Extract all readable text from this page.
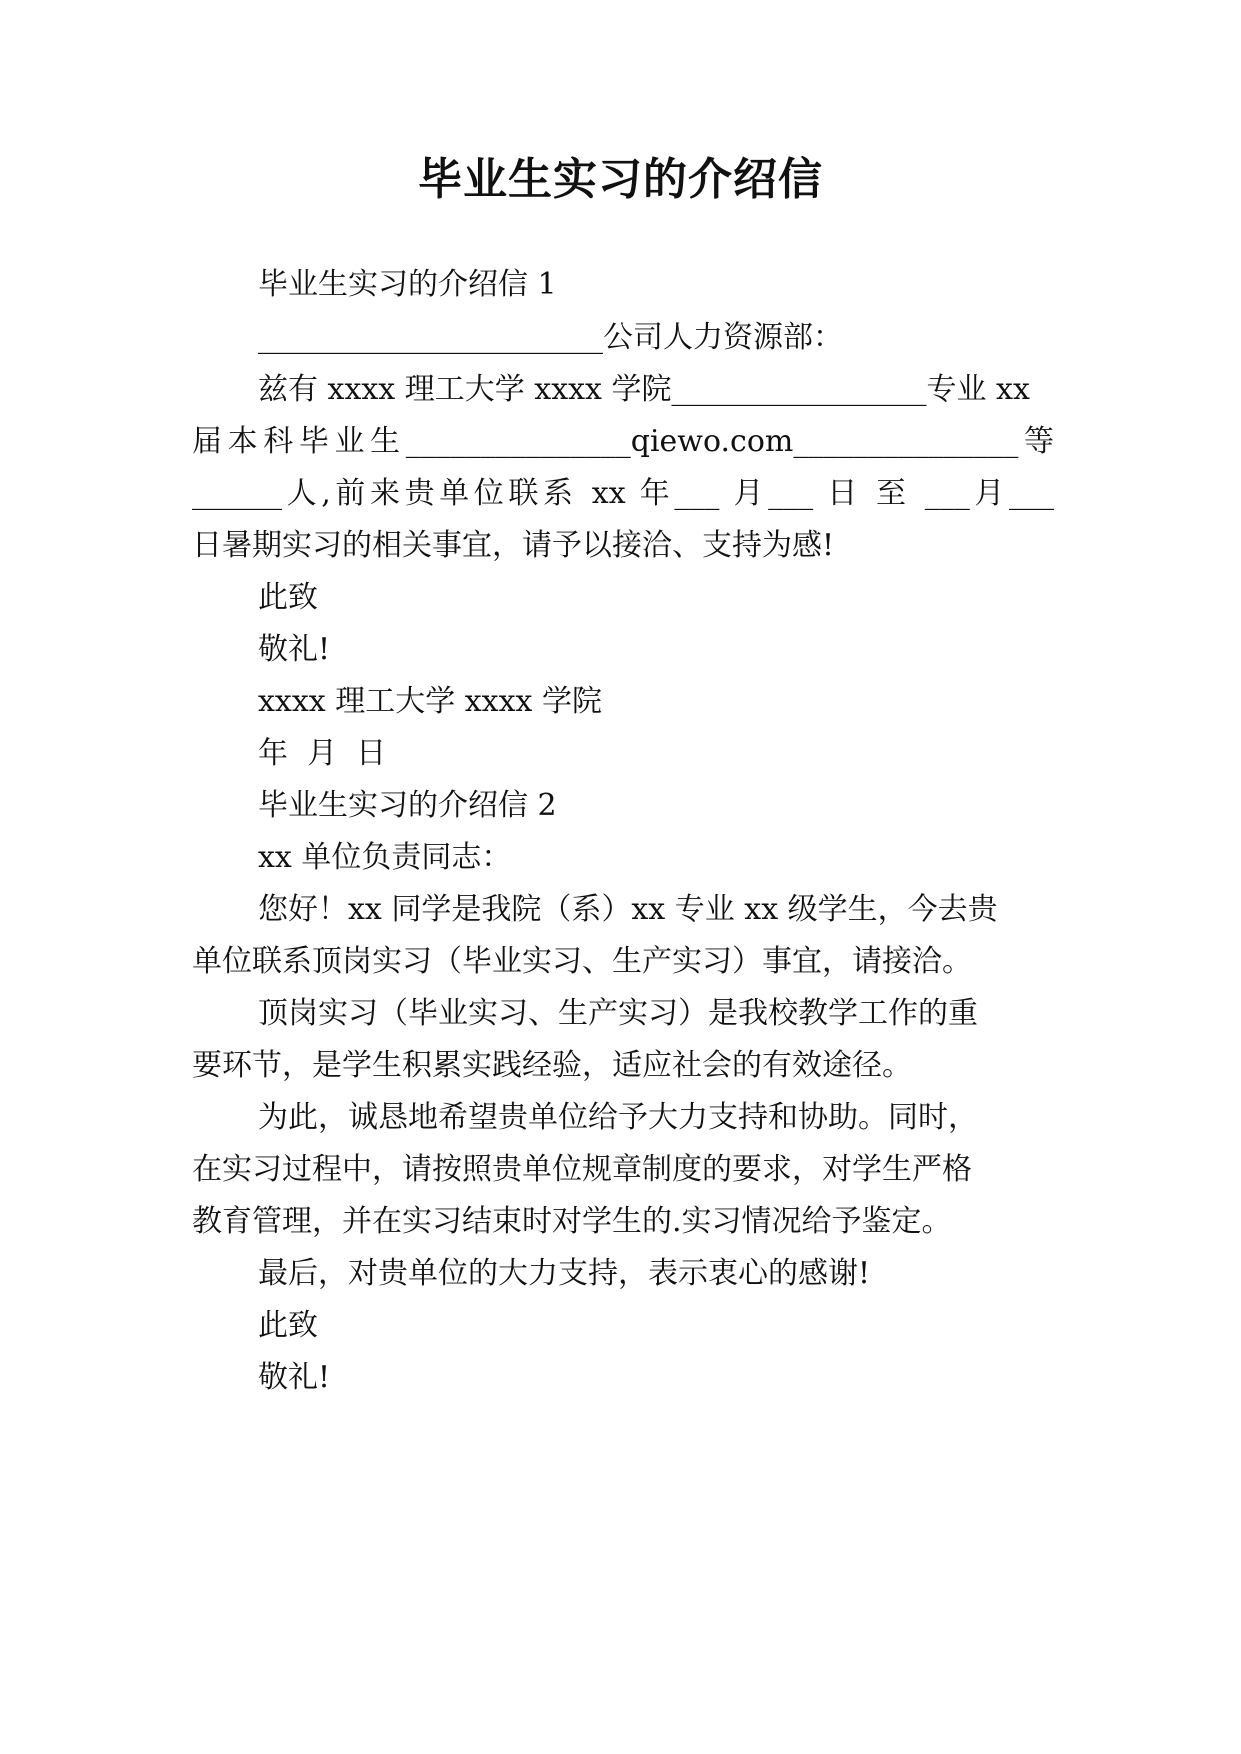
毕业生实习的介绍信
毕业生实习的介绍信 1
_______________________公司人力资源部：
兹有 xxxx 理工大学 xxxx 学院_________________专业 xx
届本科毕业生_______________qiewo.com_______________等
______人,前来贵单位联系 xx 年___ 月___ 日 至 ___月___
日暑期实习的相关事宜，请予以接洽、支持为感!
此致
敬礼!
xxxx 理工大学 xxxx 学院
年  月  日
毕业生实习的介绍信 2
xx 单位负责同志：
您好！xx 同学是我院（系）xx 专业 xx 级学生，今去贵
单位联系顶岗实习（毕业实习、生产实习）事宜，请接洽。
顶岗实习（毕业实习、生产实习）是我校教学工作的重
要环节，是学生积累实践经验，适应社会的有效途径。
为此，诚恳地希望贵单位给予大力支持和协助。同时，
在实习过程中，请按照贵单位规章制度的要求，对学生严格
教育管理，并在实习结束时对学生的.实习情况给予鉴定。
最后，对贵单位的大力支持，表示衷心的感谢!
此致
敬礼!
